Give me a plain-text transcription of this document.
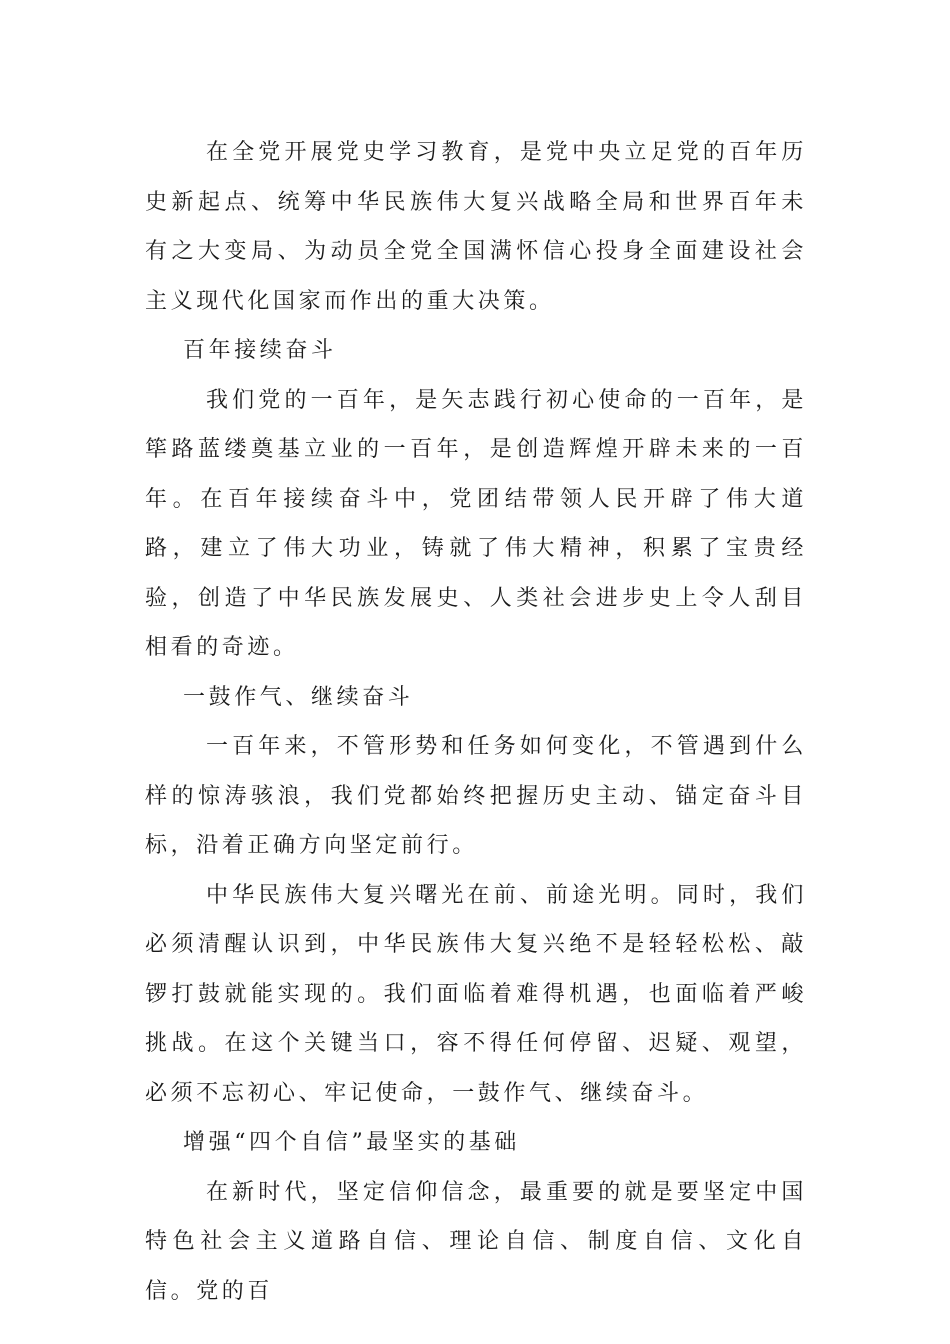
在全党开展党史学习教育，是党中央立足党的百年历史新起点、统筹中华民族伟大复兴战略全局和世界百年未有之大变局、为动员全党全国满怀信心投身全面建设社会主义现代化国家而作出的重大决策。

百年接续奋斗

我们党的一百年，是矢志践行初心使命的一百年，是筚路蓝缕奠基立业的一百年，是创造辉煌开辟未来的一百年。在百年接续奋斗中，党团结带领人民开辟了伟大道路，建立了伟大功业，铸就了伟大精神，积累了宝贵经验，创造了中华民族发展史、人类社会进步史上令人刮目相看的奇迹。

一鼓作气、继续奋斗

一百年来，不管形势和任务如何变化，不管遇到什么样的惊涛骇浪，我们党都始终把握历史主动、锚定奋斗目标，沿着正确方向坚定前行。

中华民族伟大复兴曙光在前、前途光明。同时，我们必须清醒认识到，中华民族伟大复兴绝不是轻轻松松、敲锣打鼓就能实现的。我们面临着难得机遇，也面临着严峻挑战。在这个关键当口，容不得任何停留、迟疑、观望，必须不忘初心、牢记使命，一鼓作气、继续奋斗。

增强“四个自信”最坚实的基础

在新时代，坚定信仰信念，最重要的就是要坚定中国特色社会主义道路自信、理论自信、制度自信、文化自信。党的百
